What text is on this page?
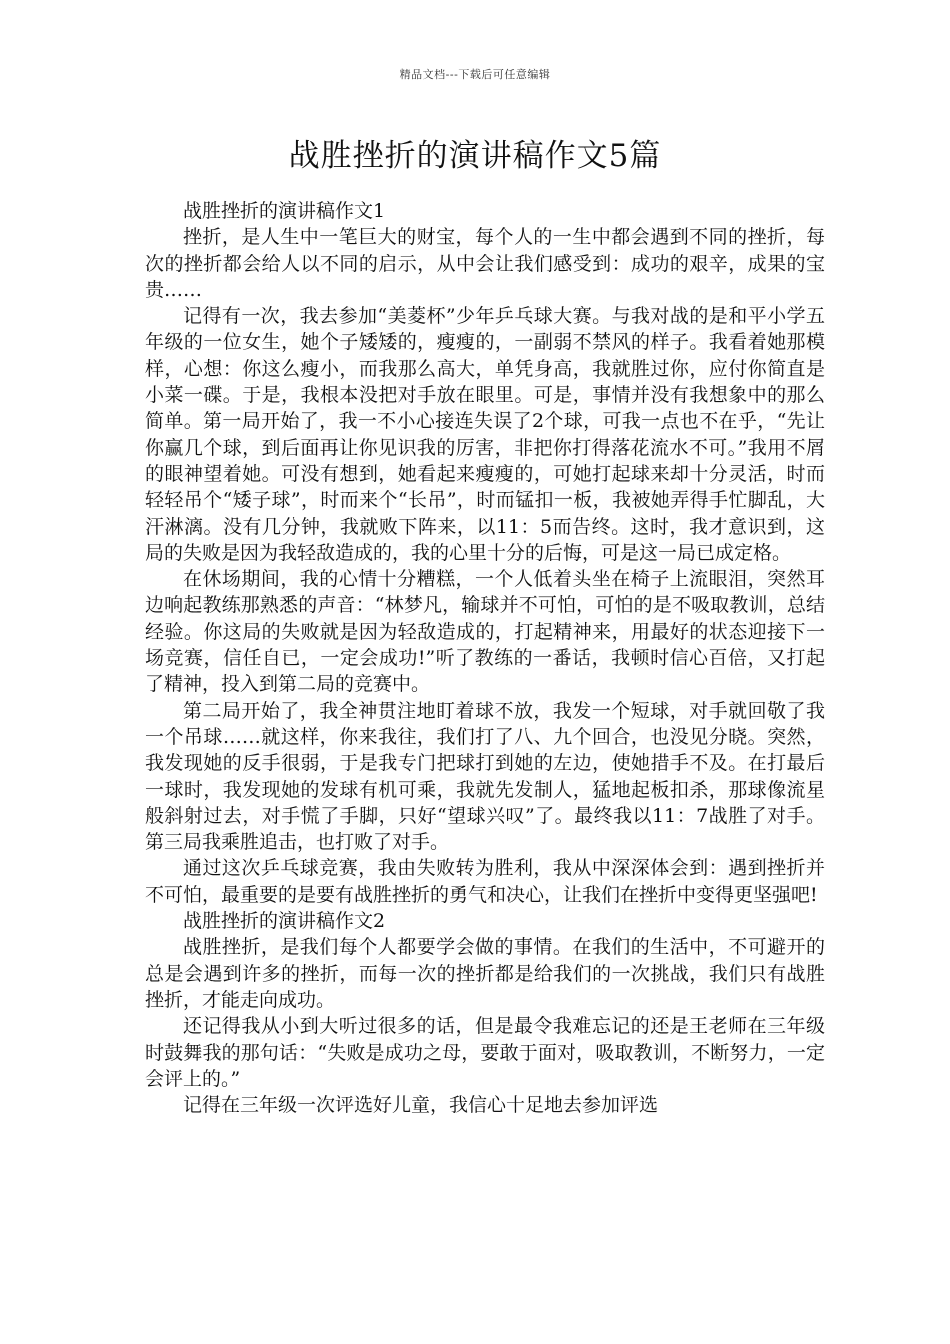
精品文档---下载后可任意编辑
战胜挫折的演讲稿作文5篇

战胜挫折的演讲稿作文1

挫折，是人生中一笔巨大的财宝，每个人的一生中都会遇到不同的挫折，每次的挫折都会给人以不同的启示，从中会让我们感受到：成功的艰辛，成果的宝贵……

记得有一次，我去参加“美菱杯”少年乒乓球大赛。与我对战的是和平小学五年级的一位女生，她个子矮矮的，瘦瘦的，一副弱不禁风的样子。我看着她那模样，心想：你这么瘦小，而我那么高大，单凭身高，我就胜过你，应付你简直是小菜一碟。于是，我根本没把对手放在眼里。可是，事情并没有我想象中的那么简单。第一局开始了，我一不小心接连失误了2个球，可我一点也不在乎，“先让你赢几个球，到后面再让你见识我的厉害，非把你打得落花流水不可。”我用不屑的眼神望着她。可没有想到，她看起来瘦瘦的，可她打起球来却十分灵活，时而轻轻吊个“矮子球”，时而来个“长吊”，时而锰扣一板，我被她弄得手忙脚乱，大汗淋漓。没有几分钟，我就败下阵来，以11：5而告终。这时，我才意识到，这局的失败是因为我轻敌造成的，我的心里十分的后悔，可是这一局已成定格。

在休场期间，我的心情十分糟糕，一个人低着头坐在椅子上流眼泪，突然耳边响起教练那熟悉的声音：“林梦凡，输球并不可怕，可怕的是不吸取教训，总结经验。你这局的失败就是因为轻敌造成的，打起精神来，用最好的状态迎接下一场竞赛，信任自已，一定会成功!”听了教练的一番话，我顿时信心百倍，又打起了精神，投入到第二局的竞赛中。

第二局开始了，我全神贯注地盯着球不放，我发一个短球，对手就回敬了我一个吊球……就这样，你来我往，我们打了八、九个回合，也没见分晓。突然，我发现她的反手很弱，于是我专门把球打到她的左边，使她措手不及。在打最后一球时，我发现她的发球有机可乘，我就先发制人，猛地起板扣杀，那球像流星般斜射过去，对手慌了手脚，只好“望球兴叹”了。最终我以11：7战胜了对手。第三局我乘胜追击，也打败了对手。

通过这次乒乓球竞赛，我由失败转为胜利，我从中深深体会到：遇到挫折并不可怕，最重要的是要有战胜挫折的勇气和决心，让我们在挫折中变得更坚强吧!

战胜挫折的演讲稿作文2

战胜挫折，是我们每个人都要学会做的事情。在我们的生活中，不可避开的总是会遇到许多的挫折，而每一次的挫折都是给我们的一次挑战，我们只有战胜挫折，才能走向成功。

还记得我从小到大听过很多的话，但是最令我难忘记的还是王老师在三年级时鼓舞我的那句话：“失败是成功之母，要敢于面对，吸取教训，不断努力，一定会评上的。”

记得在三年级一次评选好儿童，我信心十足地去参加评选
